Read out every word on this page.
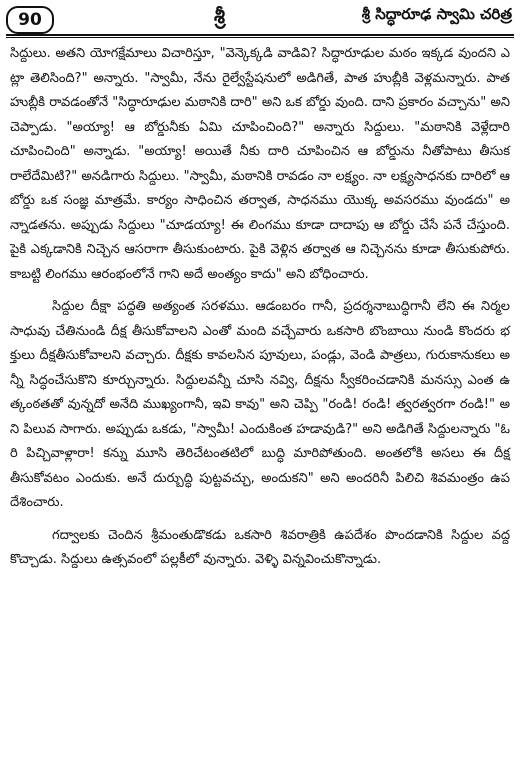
90	శ్రీ	శ్రీ సిద్ధారూఢ స్వామి చరిత్ర

సిద్దులు. అతని యోగక్షేమాలు విచారిస్తూ, "వెన్కెక్కడి వాడివి? సిద్ధారూఢుల మఠం ఇక్కడ వుందని ఎట్లా తెలిసింది?" అన్నారు. "స్వామీ, నేను రైల్వేస్టేషనులో అడిగితే, పాత హుబ్లీకి వెళ్లమన్నారు. పాత హుబ్లీకి రావడంతోనే "సిద్ధారూఢుల మఠానికి దారి" అని ఒక బోర్డు వుంది. దాని ప్రకారం వచ్చాను" అని చెప్పాడు. "అయ్యా! ఆ బోర్డునీకు ఏమి చూపించింది?" అన్నారు సిద్దులు. "మఠానికి వెళ్లేదారి చూపించింది" అన్నాడు. "అయ్యా! అయితే నీకు దారి చూపించిన ఆ బోర్డును నీతోపాటు తీసుకరాలేదేమిటి?" అనడిగారు సిద్దులు. "స్వామీ, మఠానికి రావడం నా లక్ష్యం. నా లక్ష్యసాధనకు దారిలో ఆ బోర్డు ఒక సంజ్ఞ మాత్రమే. కార్యం సాధించిన తర్వాత, సాధనము యొక్క అవసరము వుండదు" అన్నాడతను. అప్పుడు సిద్దులు "చూడయ్యా! ఈ లింగము కూడా దాదాపు ఆ బోర్డు చేసే పనే చేస్తుంది. పైకి ఎక్కడానికి నిచ్చెన ఆసరాగా తీసుకుంటారు. పైకి వెళ్లిన తర్వాత ఆ నిచ్చెనను కూడా తీసుకుపోరు. కాబట్టి లింగము ఆరంభంలోనే గాని అదే అంత్యం కాదు" అని బోధించారు.

సిద్దుల దీక్షా పద్ధతి అత్యంత సరళము. ఆడంబరం గానీ, ప్రదర్శనాబుద్ధిగానీ లేని ఈ నిర్మల సాధువు చేతినుండి దీక్ష తీసుకోవాలని ఎంతో మంది వచ్చేవారు ఒకసారి బొంబాయి నుండి కొందరు భక్తులు దీక్షతీసుకోవాలని వచ్చారు. దీక్షకు కావలసిన పూవులు, పండ్లు, వెండి పాత్రలు, గురుకానుకలు అన్నీ సిద్ధంచేసుకొని కూర్చున్నారు. సిద్దులవన్నీ చూసి నవ్వి, దీక్షను స్వీకరించడానికి మనస్సు ఎంత ఉత్కంఠతతో వున్నదో అనేది ముఖ్యంగానీ, ఇవి కావు" అని చెప్పి "రండి! రండి! త్వరత్వరగా రండి!" అని పిలువ సాగారు. అప్పుడు ఒకడు, "స్వామీ! ఎందుకింత హడావుడి?" అని అడిగితే సిద్దులన్నారు "ఓరి పిచ్చివాళ్లారా! కన్ను మూసి తెరిచేటంతటిలో బుద్ధి మారిపోతుంది. అంతలోకి అసలు ఈ దీక్ష తీసుకోవటం ఎందుకు. అనే దుర్బుద్ధి పుట్టవచ్చు, అందుకని" అని అందరినీ పిలిచి శివమంత్రం ఉపదేశించారు.

గద్వాలకు చెందిన శ్రీమంతుడొకడు ఒకసారి శివరాత్రికి ఉపదేశం పొందడానికి సిద్దుల వద్దకొచ్చాడు. సిద్దులు ఉత్సవంలో పల్లకీలో వున్నారు. వెళ్ళి విన్నవించుకొన్నాడు.
